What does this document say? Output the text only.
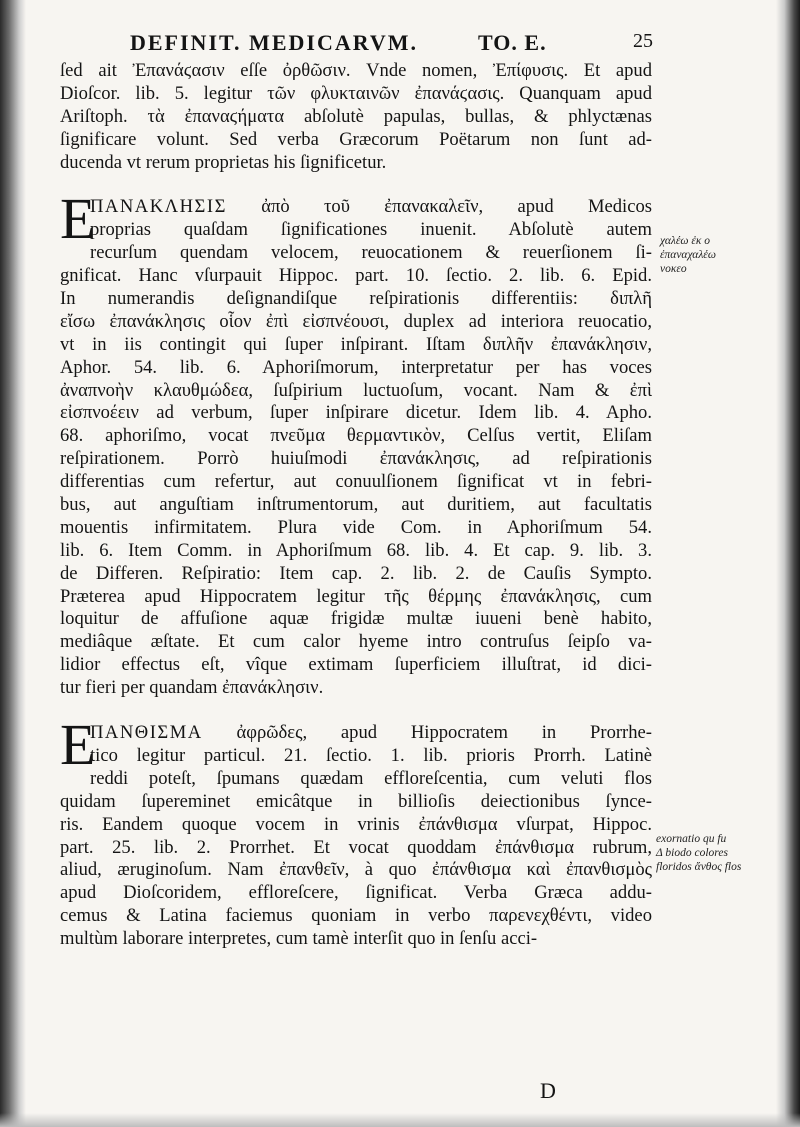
DEFINIT. MEDICARVM.	TO. E.	25
ſed ait Ἐπανάϛασιν eſſe ὀρθῶσιν. Vnde nomen, Ἐπίφυσις. Et apud
Dioſcor. lib. 5. legitur τῶν φλυκταινῶν ἐπανάϛασις. Quanquam apud
Ariſtoph. τὰ ἐπαναϛήματα abſolutè papulas, bullas, & phlyctænas
ſignificare volunt. Sed verba Græcorum Poëtarum non ſunt ad-
ducenda vt rerum proprietas his ſignificetur.
E
ΠΑΝΑΚΛΗΣΙΣ ἀπὸ τοῦ ἐπανακαλεῖν, apud Medicos
proprias quaſdam ſignificationes inuenit. Abſolutè autem
recurſum quendam velocem, reuocationem & reuerſionem ſi-
gnificat. Hanc vſurpauit Hippoc. part. 10. ſectio. 2. lib. 6. Epid.
In numerandis deſignandiſque reſpirationis differentiis: διπλῆ
εἴσω ἐπανάκλησις οἷον ἐπὶ εἰσπνέουσι, duplex ad interiora reuocatio,
vt in iis contingit qui ſuper inſpirant. Iſtam διπλῆν ἐπανάκλησιν,
Aphor. 54. lib. 6. Aphoriſmorum, interpretatur per has voces
ἀναπνοὴν κλαυθμώδεα, ſuſpirium luctuoſum, vocant. Nam & ἐπὶ
εἰσπνοέειν ad verbum, ſuper inſpirare dicetur. Idem lib. 4. Apho.
68. aphoriſmo, vocat πνεῦμα θερμαντικὸν, Celſus vertit, Eliſam
reſpirationem. Porrò huiuſmodi ἐπανάκλησις, ad reſpirationis
differentias cum refertur, aut conuulſionem ſignificat vt in febri-
bus, aut anguſtiam inſtrumentorum, aut duritiem, aut facultatis
mouentis infirmitatem. Plura vide Com. in Aphoriſmum 54.
lib. 6. Item Comm. in Aphoriſmum 68. lib. 4. Et cap. 9. lib. 3.
de Differen. Reſpiratio: Item cap. 2. lib. 2. de Cauſis Sympto.
Præterea apud Hippocratem legitur τῆς θέρμης ἐπανάκλησις, cum
loquitur de affuſione aquæ frigidæ multæ iuueni benè habito,
mediâque æſtate. Et cum calor hyeme intro contruſus ſeipſo va-
lidior effectus eſt, vîque extimam ſuperficiem illuſtrat, id dici-
tur fieri per quandam ἐπανάκλησιν.
E
ΠΑΝΘΙΣΜΑ ἀφρῶδες, apud Hippocratem in Prorrhe-
tico legitur particul. 21. ſectio. 1. lib. prioris Prorrh. Latinè
reddi poteſt, ſpumans quædam effloreſcentia, cum veluti flos
quidam ſupereminet emicâtque in billioſis deiectionibus ſynce-
ris. Eandem quoque vocem in vrinis ἐπάνθισμα vſurpat, Hippoc.
part. 25. lib. 2. Prorrhet. Et vocat quoddam ἐπάνθισμα rubrum,
aliud, æruginoſum. Nam ἐπανθεῖν, à quo ἐπάνθισμα καὶ ἐπανθισμὸς
apud Dioſcoridem, effloreſcere, ſignificat. Verba Græca addu-
cemus & Latina faciemus quoniam in verbo παρενεχθέντι, video
multùm laborare interpretes, cum tamè interſit quo in ſenſu acci-
χαλέω ἐκ ο
ἐπαναχαλέω
νοκεο
exornatio qu fu
Δ biodo colores
floridos ἄνθος flos
D
